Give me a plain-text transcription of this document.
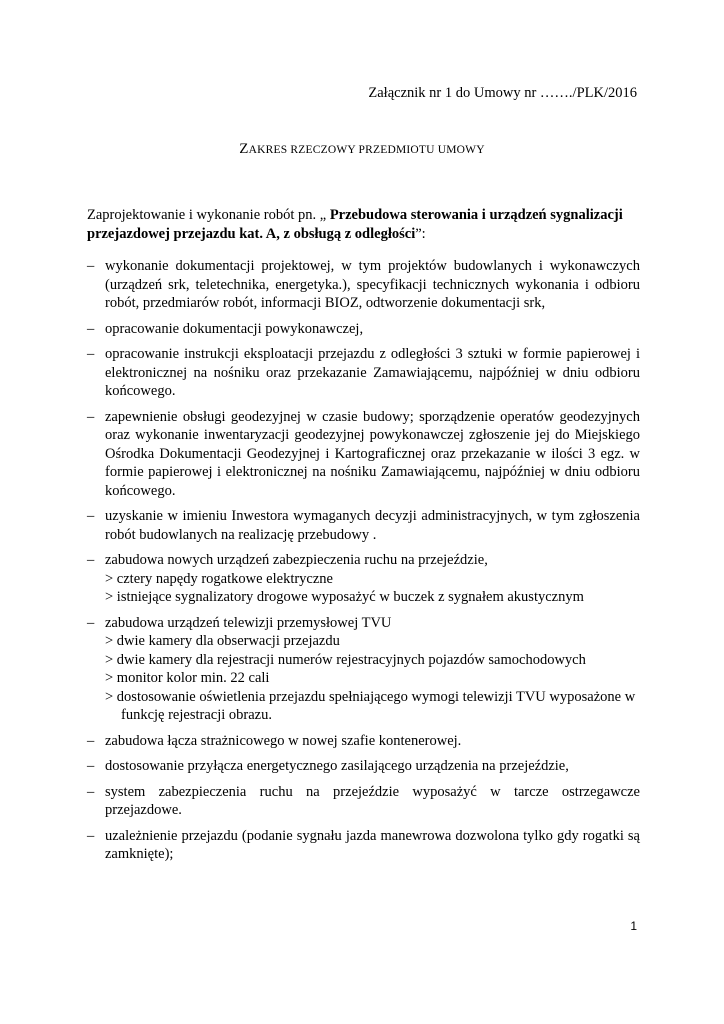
Załącznik nr 1 do Umowy nr ……./PLK/2016
ZAKRES RZECZOWY PRZEDMIOTU UMOWY
Zaprojektowanie i wykonanie robót pn. „ Przebudowa sterowania i urządzeń sygnalizacji przejazdowej przejazdu kat. A, z obsługą z odległości”:
– wykonanie dokumentacji projektowej, w tym projektów budowlanych i wykonawczych (urządzeń srk, teletechnika, energetyka.), specyfikacji technicznych wykonania i odbioru robót, przedmiarów robót, informacji BIOZ, odtworzenie dokumentacji srk,
– opracowanie dokumentacji powykonawczej,
– opracowanie instrukcji eksploatacji przejazdu z odległości 3 sztuki w formie papierowej i elektronicznej na nośniku oraz przekazanie Zamawiającemu, najpóźniej w dniu odbioru końcowego.
– zapewnienie obsługi geodezyjnej w czasie budowy; sporządzenie operatów geodezyjnych oraz wykonanie inwentaryzacji geodezyjnej powykonawczej zgłoszenie jej do Miejskiego Ośrodka Dokumentacji Geodezyjnej i Kartograficznej oraz przekazanie w ilości 3 egz. w formie papierowej i elektronicznej na nośniku Zamawiającemu, najpóźniej w dniu odbioru końcowego.
– uzyskanie w imieniu Inwestora wymaganych decyzji administracyjnych, w tym zgłoszenia robót budowlanych na realizację przebudowy .
– zabudowa nowych urządzeń zabezpieczenia ruchu na przejeździe,
> cztery napędy rogatkowe elektryczne
> istniejące sygnalizatory drogowe wyposażyć w buczek z sygnałem akustycznym
– zabudowa urządzeń telewizji przemysłowej TVU
> dwie kamery dla obserwacji przejazdu
> dwie kamery dla rejestracji numerów rejestracyjnych pojazdów samochodowych
> monitor kolor min. 22 cali
> dostosowanie oświetlenia przejazdu spełniającego wymogi telewizji TVU wyposażone w
funkcję rejestracji obrazu.
– zabudowa łącza strażnicowego w nowej szafie kontenerowej.
– dostosowanie przyłącza energetycznego zasilającego urządzenia na przejeździe,
– system zabezpieczenia ruchu na przejeździe wyposażyć w tarcze ostrzegawcze przejazdowe.
– uzależnienie przejazdu (podanie sygnału jazda manewrowa dozwolona tylko gdy rogatki są zamknięte);
1
